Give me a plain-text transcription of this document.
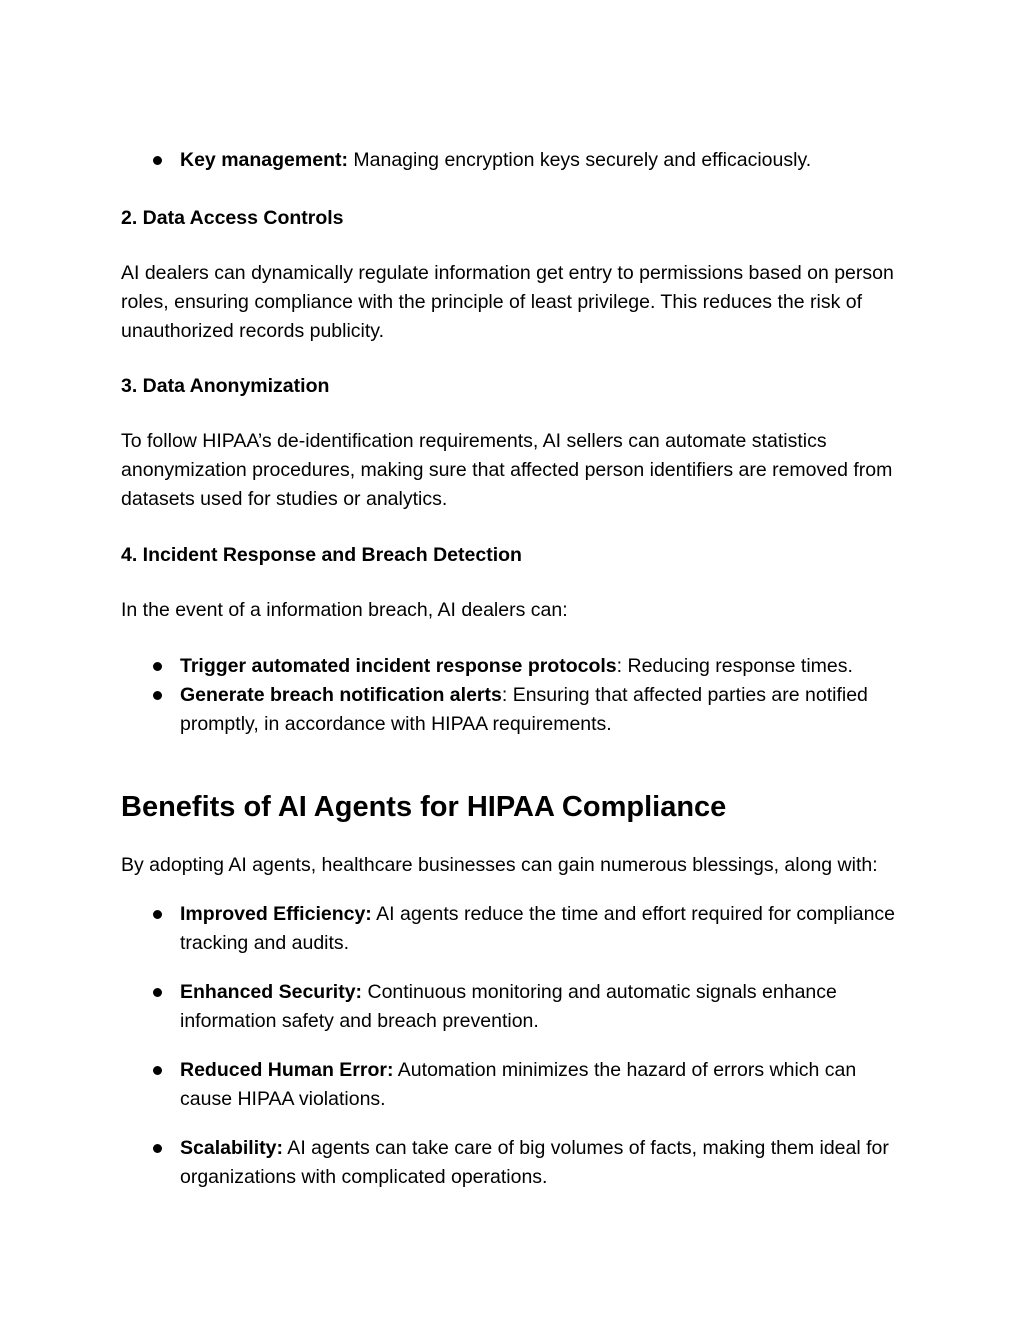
Key management: Managing encryption keys securely and efficaciously.

2. Data Access Controls

AI dealers can dynamically regulate information get entry to permissions based on person roles, ensuring compliance with the principle of least privilege. This reduces the risk of unauthorized records publicity.

3. Data Anonymization

To follow HIPAA’s de-identification requirements, AI sellers can automate statistics anonymization procedures, making sure that affected person identifiers are removed from datasets used for studies or analytics.

4. Incident Response and Breach Detection

In the event of a information breach, AI dealers can:

Trigger automated incident response protocols: Reducing response times.
Generate breach notification alerts: Ensuring that affected parties are notified promptly, in accordance with HIPAA requirements.
Benefits of AI Agents for HIPAA Compliance

By adopting AI agents, healthcare businesses can gain numerous blessings, along with:

Improved Efficiency: AI agents reduce the time and effort required for compliance tracking and audits.
Enhanced Security: Continuous monitoring and automatic signals enhance information safety and breach prevention.
Reduced Human Error: Automation minimizes the hazard of errors which can cause HIPAA violations.
Scalability: AI agents can take care of big volumes of facts, making them ideal for organizations with complicated operations.
